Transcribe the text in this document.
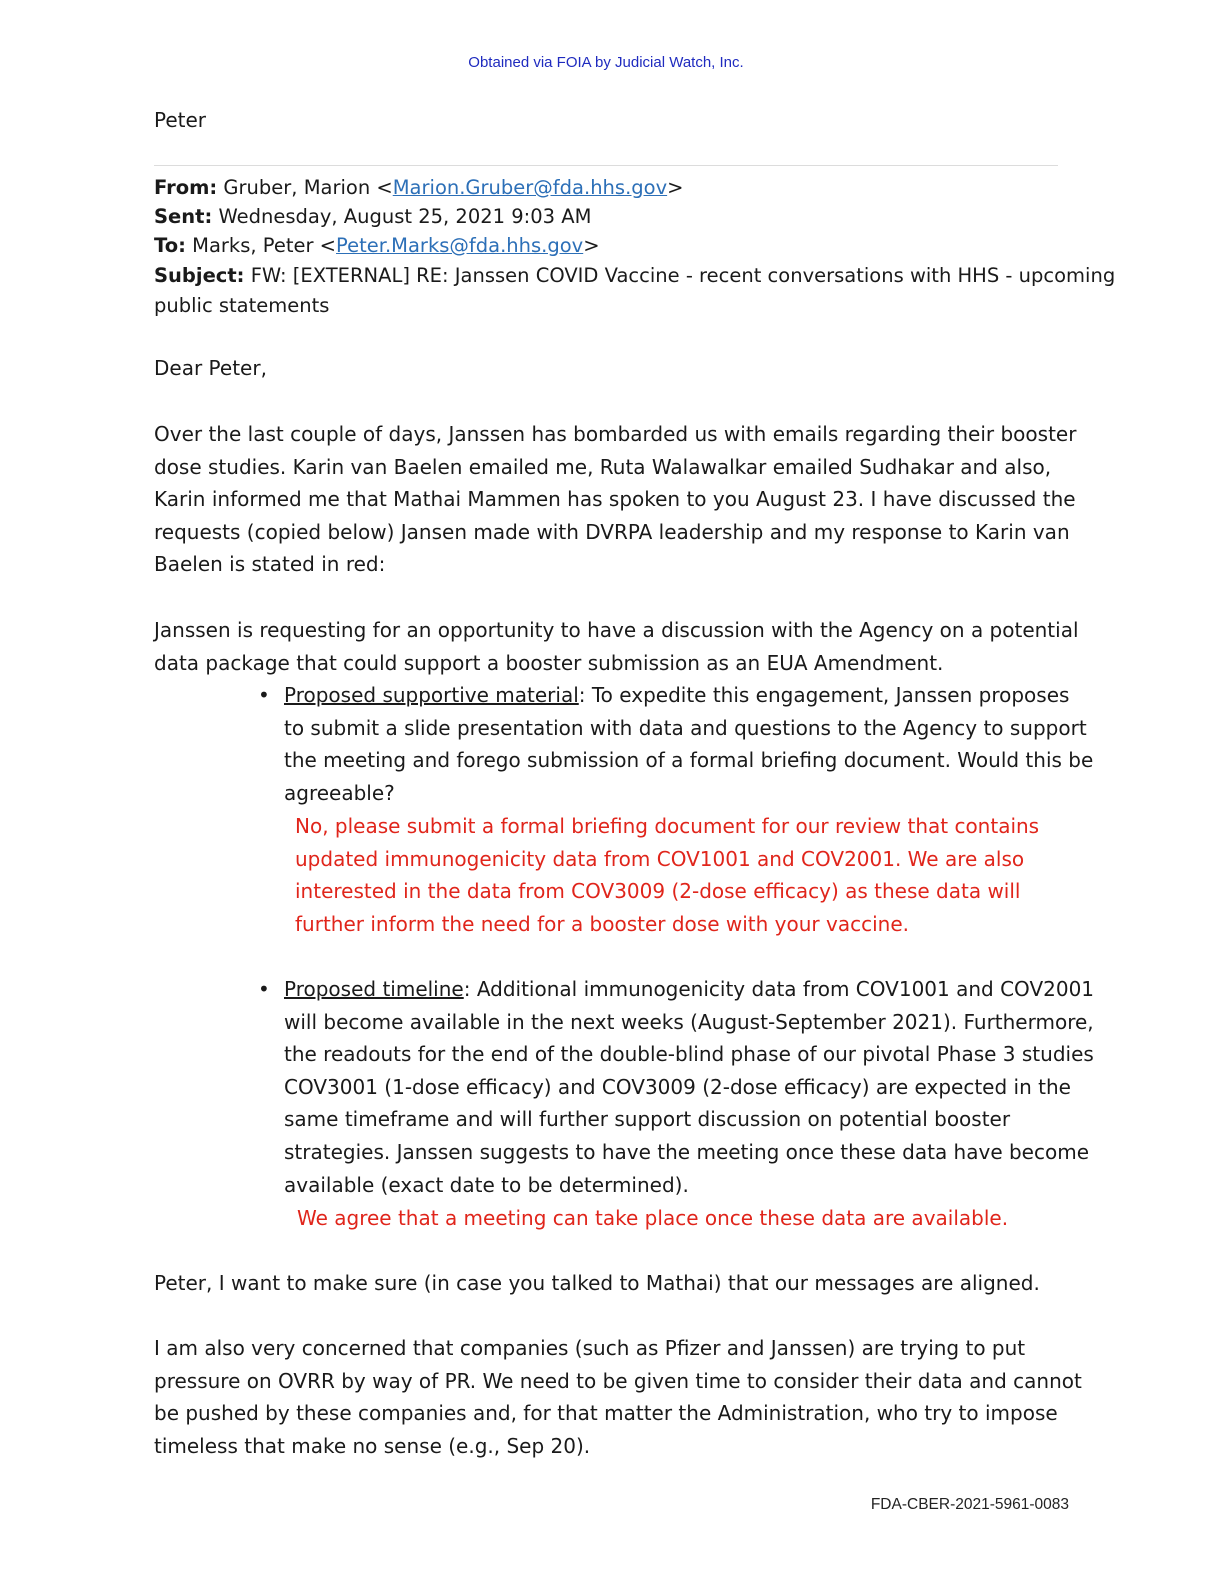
Obtained via FOIA by Judicial Watch, Inc.
Peter
From: Gruber, Marion <Marion.Gruber@fda.hhs.gov>
Sent: Wednesday, August 25, 2021 9:03 AM
To: Marks, Peter <Peter.Marks@fda.hhs.gov>
Subject: FW: [EXTERNAL] RE: Janssen COVID Vaccine - recent conversations with HHS - upcoming
public statements
Dear Peter,
Over the last couple of days, Janssen has bombarded us with emails regarding their booster
dose studies. Karin van Baelen emailed me, Ruta Walawalkar emailed Sudhakar and also,
Karin informed me that Mathai Mammen has spoken to you August 23. I have discussed the
requests (copied below) Jansen made with DVRPA leadership and my response to Karin van
Baelen is stated in red:
Janssen is requesting for an opportunity to have a discussion with the Agency on a potential
data package that could support a booster submission as an EUA Amendment.
• Proposed supportive material: To expedite this engagement, Janssen proposes
to submit a slide presentation with data and questions to the Agency to support
the meeting and forego submission of a formal briefing document. Would this be
agreeable?
No, please submit a formal briefing document for our review that contains
updated immunogenicity data from COV1001 and COV2001. We are also
interested in the data from COV3009 (2-dose efficacy) as these data will
further inform the need for a booster dose with your vaccine.
• Proposed timeline: Additional immunogenicity data from COV1001 and COV2001
will become available in the next weeks (August-September 2021). Furthermore,
the readouts for the end of the double-blind phase of our pivotal Phase 3 studies
COV3001 (1-dose efficacy) and COV3009 (2-dose efficacy) are expected in the
same timeframe and will further support discussion on potential booster
strategies. Janssen suggests to have the meeting once these data have become
available (exact date to be determined).
We agree that a meeting can take place once these data are available.
Peter, I want to make sure (in case you talked to Mathai) that our messages are aligned.
I am also very concerned that companies (such as Pfizer and Janssen) are trying to put
pressure on OVRR by way of PR. We need to be given time to consider their data and cannot
be pushed by these companies and, for that matter the Administration, who try to impose
timeless that make no sense (e.g., Sep 20).
FDA-CBER-2021-5961-0083
